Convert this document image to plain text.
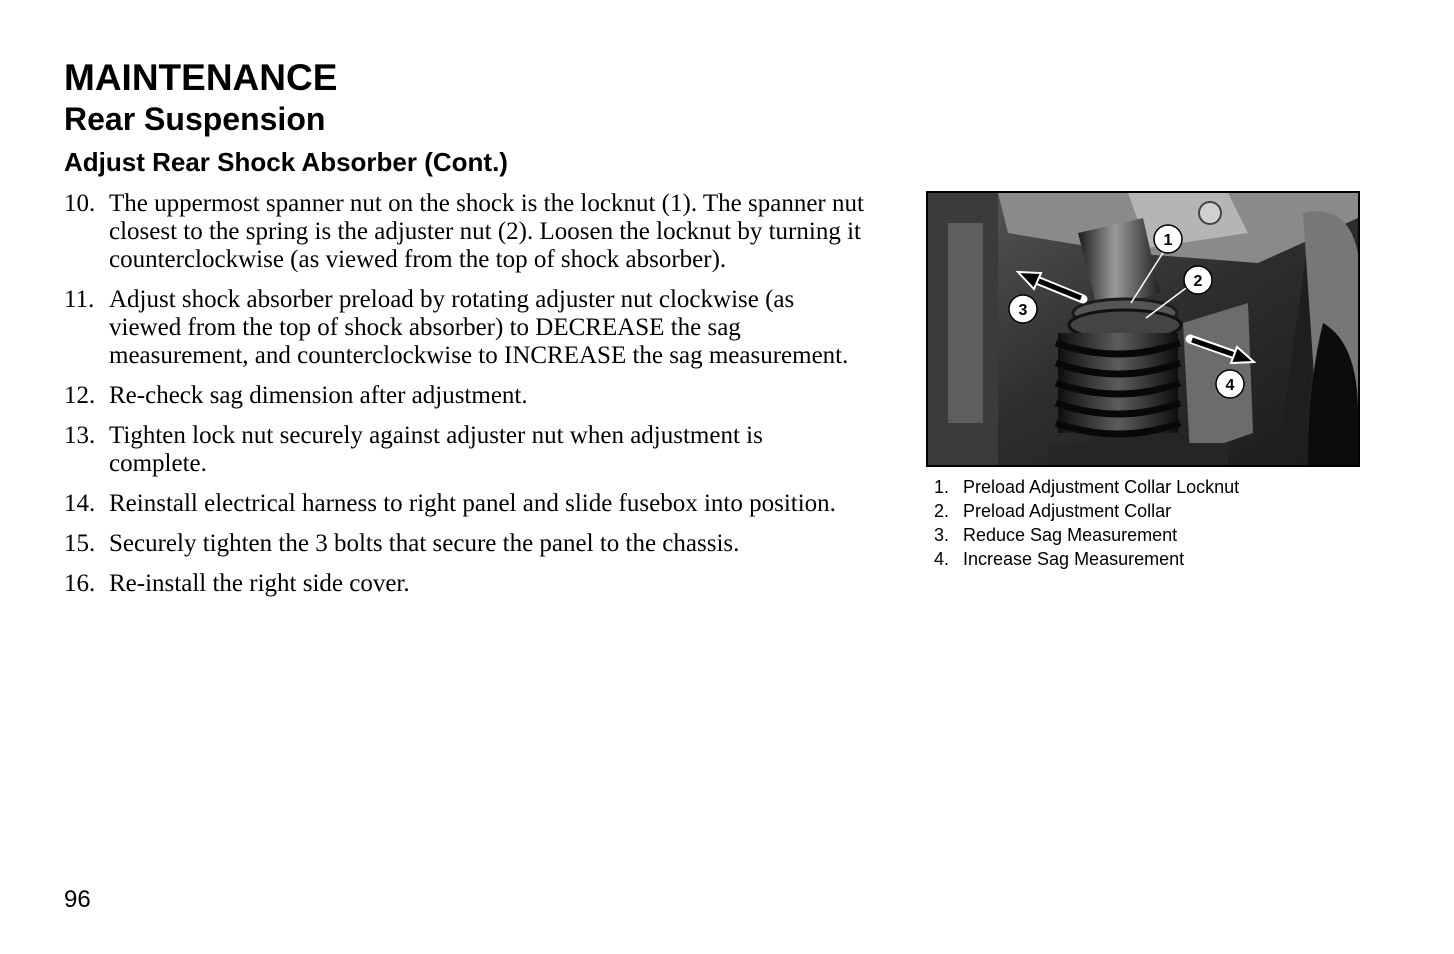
MAINTENANCE
Rear Suspension
Adjust Rear Shock Absorber (Cont.)
10. The uppermost spanner nut on the shock is the locknut (1). The spanner nut closest to the spring is the adjuster nut (2). Loosen the locknut by turning it counterclockwise (as viewed from the top of shock absorber).
11. Adjust shock absorber preload by rotating adjuster nut clockwise (as viewed from the top of shock absorber) to DECREASE the sag measurement, and counterclockwise to INCREASE the sag measurement.
12. Re-check sag dimension after adjustment.
13. Tighten lock nut securely against adjuster nut when adjustment is complete.
14. Reinstall electrical harness to right panel and slide fusebox into position.
15. Securely tighten the 3 bolts that secure the panel to the chassis.
16. Re-install the right side cover.
1
2
3
4
1. Preload Adjustment Collar Locknut
2. Preload Adjustment Collar
3. Reduce Sag Measurement
4. Increase Sag Measurement
96
